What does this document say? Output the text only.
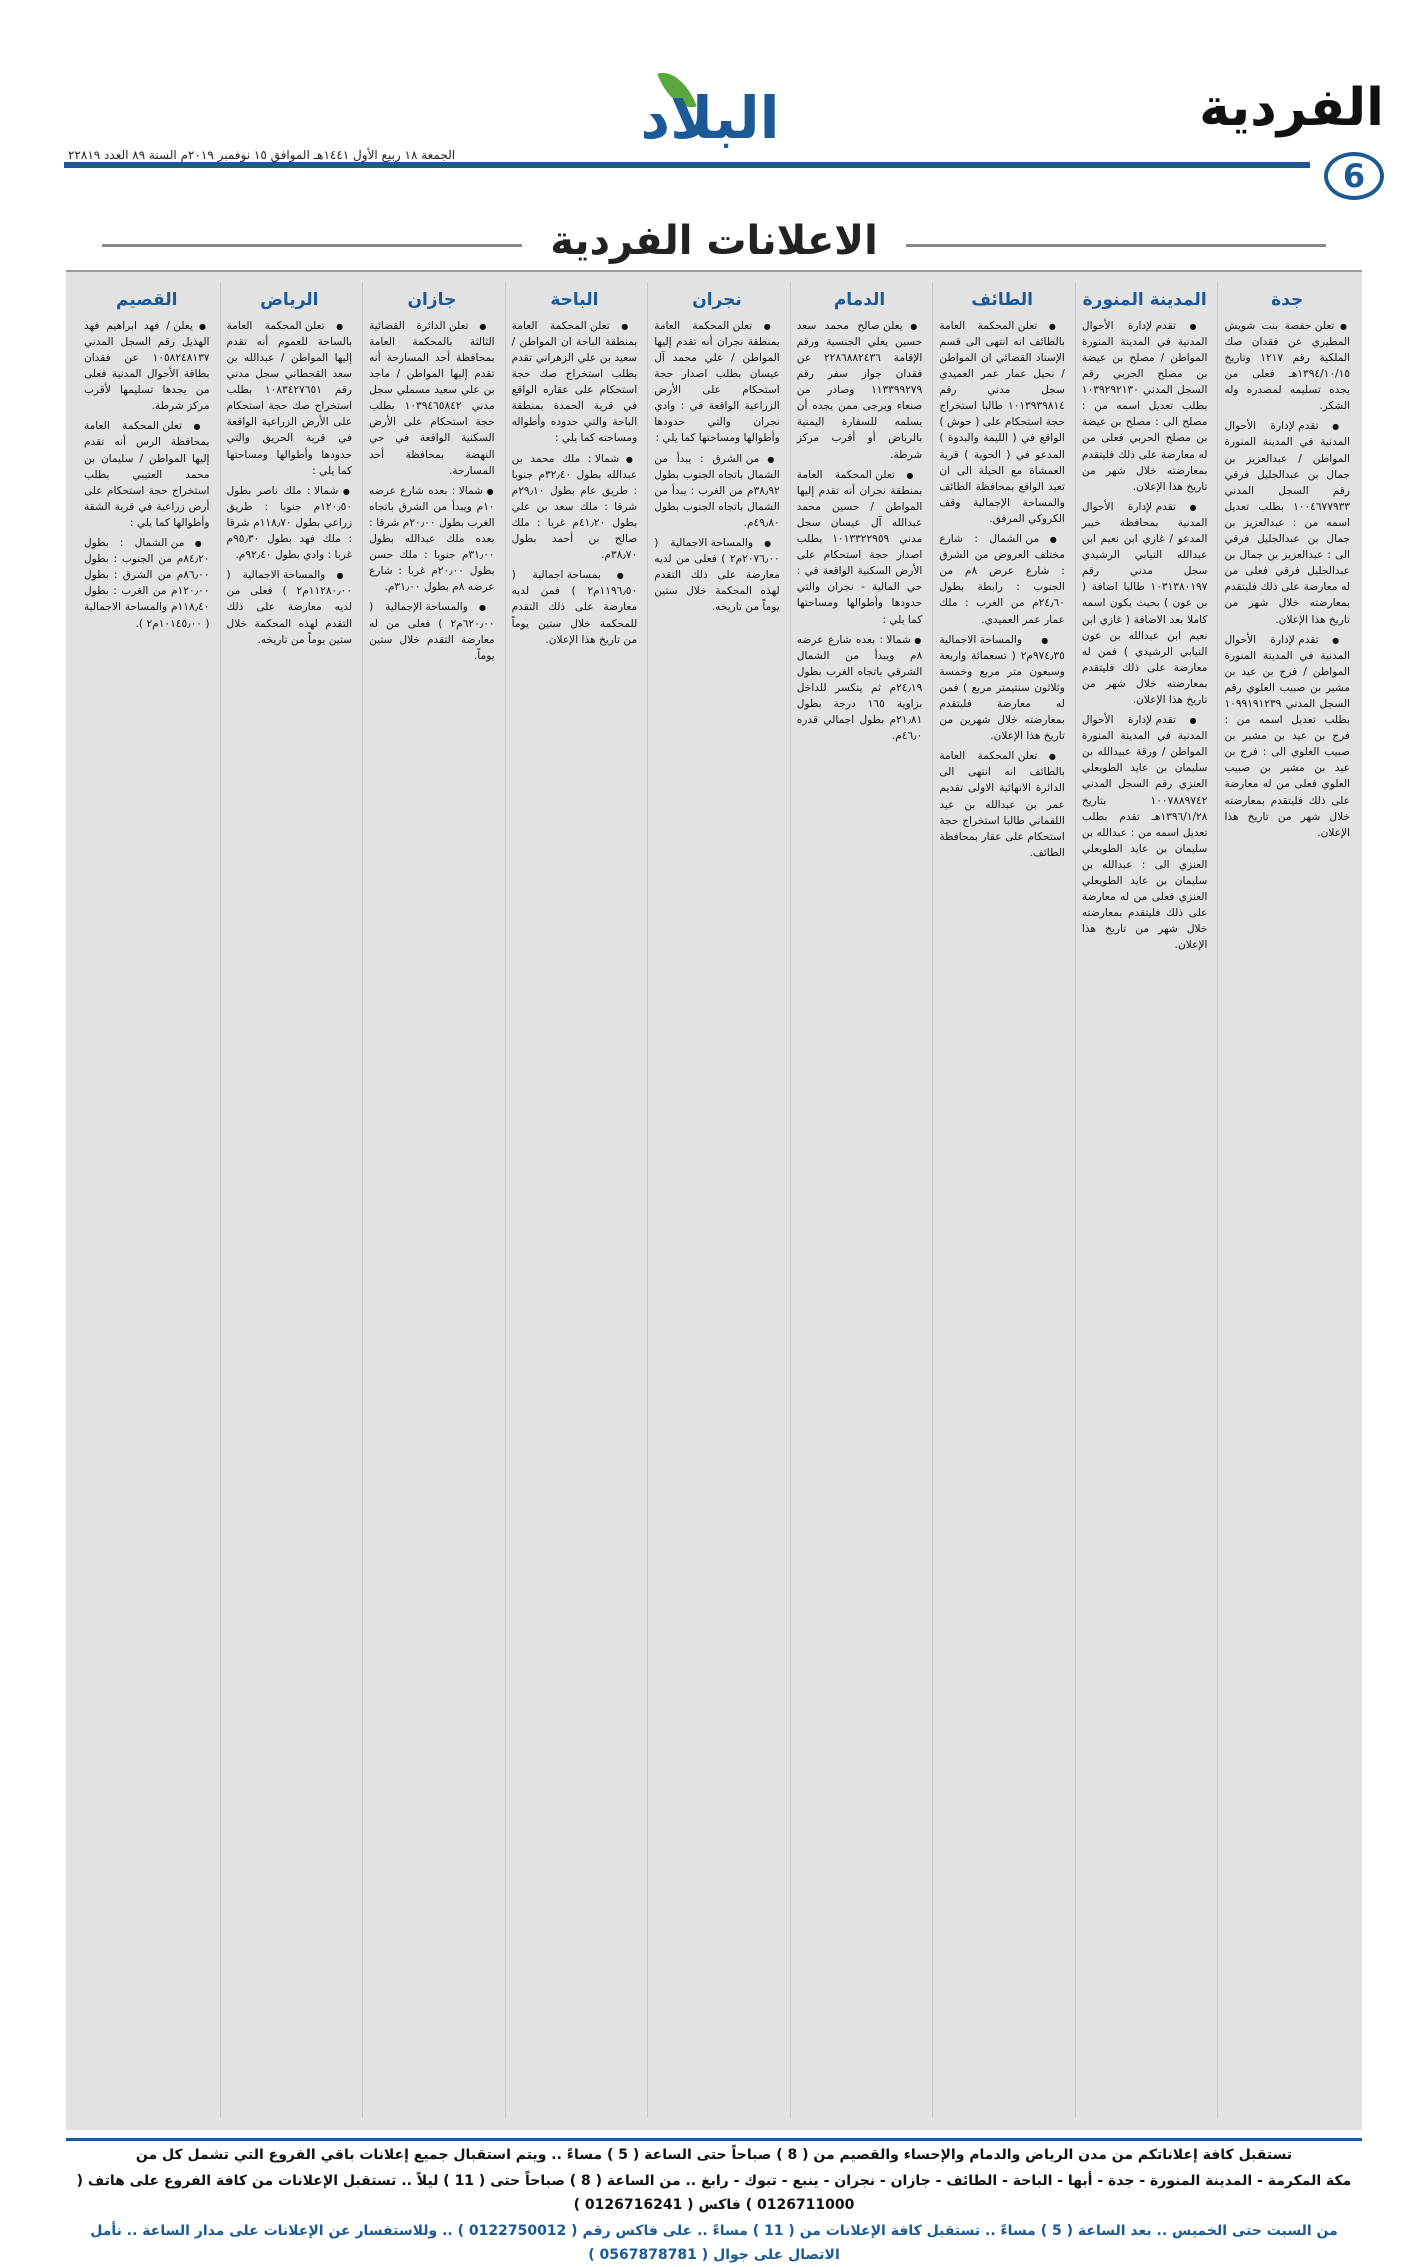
الفردية
6
البلاد
الجمعة ١٨ ربيع الأول ١٤٤١هـ الموافق ١٥ نوفمبر ٢٠١٩م السنة ٨٩ العدد ٢٢٨١٩
الاعلانات الفردية
جدة

● تعلن حفصة بنت شويش المطيري عن فقدان صك الملكية رقم ١٢١٧ وتاريخ ١٣٩٤/١٠/١٥هـ فعلى من يجده تسليمه لمصدره وله الشكر.

● تقدم لإدارة الأحوال المدنية في المدينة المنورة المواطن / عبدالعزيز بن جمال بن عبدالجليل فرقي رقم السجل المدني ١٠٠٤٦٧٧٩٣٣ بطلب تعديل اسمه من : عبدالعزيز بن جمال بن عبدالجليل فرقي الى : عبدالعزيز بن جمال بن عبدالجليل فرقي فعلى من له معارضة على ذلك فليتقدم بمعارضته خلال شهر من تاريخ هذا الإعلان.

● تقدم لإدارة الأحوال المدنية في المدينة المنورة المواطن / فرج بن عيد بن مشير بن صبيب العلوي رقم السجل المدني ١٠٩٩١٩١٢٣٩ بطلب تعديل اسمه من : فرج بن عيد بن مشير بن صبيب العلوي الى : فرج بن عيد بن مشير بن صبيب العلوي فعلى من له معارضة على ذلك فليتقدم بمعارضته خلال شهر من تاريخ هذا الإعلان.

المدينة المنورة

● تقدم لإدارة الأحوال المدنية في المدينة المنورة المواطن / مصلح بن عيضة بن مصلح الحربي رقم السجل المدني ١٠٣٩٢٩٢١٣٠ بطلب تعديل اسمه من : مصلح الى : مصلح بن عيضة بن مصلح الحربي فعلى من له معارضة على ذلك فليتقدم بمعارضته خلال شهر من تاريخ هذا الإعلان.

● تقدم لإدارة الأحوال المدنية بمحافظة خيبر المدعو / غازي ابن نعيم ابن عبدالله النيابي الرشيدي سجل مدني رقم ١٠٣١٣٨٠١٩٧ طالبا اضافة ( بن عون ) بحيث يكون اسمه كاملا بعد الاضافة ( غازي ابن نعيم ابن عبدالله بن عون النيابي الرشيدي ) فمن له معارضة على ذلك فليتقدم بمعارضته خلال شهر من تاريخ هذا الإعلان.

● تقدم لإدارة الأحوال المدنية في المدينة المنورة المواطن / ورقة عبيدالله بن سليمان بن عايد الطويعلي العنزي رقم السجل المدني ١٠٠٧٨٨٩٧٤٢ بتاريخ ١٣٩٦/١/٢٨هـ تقدم بطلب تعديل اسمه من : عبدالله بن سليمان بن عايد الطويعلي العنزي الى : عبدالله بن سليمان بن عايد الطويعلي العنزي فعلى من له معارضة على ذلك فليتقدم بمعارضته خلال شهر من تاريخ هذا الإعلان.

الطائف

● تعلن المحكمة العامة بالطائف انه انتهى الى قسم الإسناد القضائي ان المواطن / نحيل عمار عمر العميدي سجل مدني رقم ١٠١٣٩٣٩٨١٤ طالبا استخراج حجة استحكام على ( حوش ) الواقع في ( الليمة والبدوة ) المدعو في ( الحوية ) قرية العمشاة مع الحيلة الى ان تعيد الواقع بمحافظة الطائف والمساحة الإجمالية وقف الكروكي المرفق.

● من الشمال : شارع مختلف العروض من الشرق : شارع عرض ٨م من الجنوب : رابطة بطول ٢٤٫٦٠م من الغرب : ملك عمار عمر العميدي.

● والمساحة الاجمالية ٩٧٤٫٣٥م٢ ( تسعمائة واربعة وسبعون متر مربع وخمسة وثلاثون سنتيمتر مربع ) فمن له معارضة فليتقدم بمعارضته خلال شهرين من تاريخ هذا الإعلان.

● تعلن المحكمة العامة بالطائف انه انتهى الى الدائرة الانهائية الاولى تقديم عمر بن عبدالله بن عيد اللقماني طالبا استخراج حجة استحكام على عقار بمحافظة الطائف.

الدمام

● يعلن صالح محمد سعد حسين يعلي الجنسية ورقم الإقامة ٢٢٨٦٨٨٢٤٣٦ عن فقدان جواز سفر رقم ١١٣٣٩٩٢٧٩ وصادر من صنعاء ويرجى ممن يجده أن يسلمه للسفارة اليمنية بالرياض أو أقرب مركز شرطة.

● تعلن المحكمة العامة بمنطقة نجران أنه تقدم إليها المواطن / حسين محمد عبدالله آل عيسان سجل مدني ١٠١٣٣٢٢٩٥٩ بطلب اصدار حجة استحكام على الأرض السكنية الواقعة في : حي المالية - نجران والتي حدودها وأطوالها ومساحتها كما يلي :

● شمالا : بعده شارع عرضه ٨م ويبدأ من الشمال الشرقي باتجاه الغرب بطول ٢٤٫١٩م ثم ينكسر للداخل بزاوية ١٦٥ درجة بطول ٢١٫٨١م بطول اجمالي قدره ٤٦٫٠م.

نجران

● تعلن المحكمة العامة بمنطقة نجران أنه تقدم إليها المواطن / علي محمد آل عيسان بطلب اصدار حجة استحكام على الأرض الزراعية الواقعة في : وادي نجران والتي حدودها وأطوالها ومساحتها كما يلي :

● من الشرق : يبدأ من الشمال باتجاه الجنوب بطول ٣٨٫٩٢م من الغرب : يبدأ من الشمال باتجاه الجنوب بطول ٤٩٫٨٠م.

● والمساحة الاجمالية ( ٢٠٧٦٫٠٠م٢ ) فعلى من لديه معارضة على ذلك التقدم لهذه المحكمة خلال ستين يوماً من تاريخه.

الباحة

● تعلن المحكمة العامة بمنطقة الباحة ان المواطن / سعيد بن علي الزهراني تقدم بطلب استخراج صك حجة استحكام على عقاره الواقع في قرية الحمدة بمنطقة الباحة والتي حدوده وأطواله ومساحته كما يلي :

● شمالا : ملك محمد بن عبدالله بطول ٣٢٫٤٠م جنوبا : طريق عام بطول ٢٩٫١٠م شرقا : ملك سعد بن علي بطول ٤١٫٢٠م غربا : ملك صالح بن أحمد بطول ٣٨٫٧٠م.

● بمساحة اجمالية ( ١١٩٦٫٥٠م٢ ) فمن لديه معارضة على ذلك التقدم للمحكمة خلال ستين يوماً من تاريخ هذا الإعلان.

جازان

● تعلن الدائرة القضائية الثالثة بالمحكمة العامة بمحافظة أحد المسارحة أنه تقدم إليها المواطن / ماجد بن علي سعيد مسملي سجل مدني ١٠٣٩٤٦٥٨٤٢ بطلب حجة استحكام على الأرض السكنية الواقعة في حي النهضة بمحافظة أحد المسارحة.

● شمالا : بعده شارع عرضه ١٠م ويبدأ من الشرق باتجاه الغرب بطول ٢٠٫٠٠م شرقا : بعده ملك عبدالله بطول ٣١٫٠٠م جنوبا : ملك حسن بطول ٢٠٫٠٠م غربا : شارع عرضه ٨م بطول ٣١٫٠٠م.

● والمساحة الإجمالية ( ٦٢٠٫٠٠م٢ ) فعلى من له معارضة التقدم خلال ستين يوماً.

الرياض

● تعلن المحكمة العامة بالساحة للعموم أنه تقدم إليها المواطن / عبدالله بن سعد القحطاني سجل مدني رقم ١٠٨٣٤٢٧٦٥١ بطلب استخراج صك حجة استحكام على الأرض الزراعية الواقعة في قرية الحريق والتي حدودها وأطوالها ومساحتها كما يلي :

● شمالا : ملك ناصر بطول ١٢٠٫٥٠م جنوبا : طريق زراعي بطول ١١٨٫٧٠م شرقا : ملك فهد بطول ٩٥٫٣٠م غربا : وادي بطول ٩٢٫٤٠م.

● والمساحة الاجمالية ( ١١٢٨٠٫٠٠م٢ ) فعلى من لديه معارضة على ذلك التقدم لهذه المحكمة خلال ستين يوماً من تاريخه.

القصيم

● يعلن / فهد ابراهيم فهد الهذيل رقم السجل المدني ١٠٥٨٢٤٨١٣٧ عن فقدان بطاقة الأحوال المدنية فعلى من يجدها تسليمها لأقرب مركز شرطة.

● تعلن المحكمة العامة بمحافظة الرس أنه تقدم إليها المواطن / سليمان بن محمد العتيبي بطلب استخراج حجة استحكام على أرض زراعية في قرية الشقة وأطوالها كما يلي :

● من الشمال : بطول ٨٤٫٢٠م من الجنوب : بطول ٨٦٫٠٠م من الشرق : بطول ١٢٠٫٠٠م من الغرب : بطول ١١٨٫٤٠م والمساحة الاجمالية ( ١٠١٤٥٫٠٠م٢ ).

تستقبل كافة إعلاناتكم من مدن الرياض والدمام والإحساء والقصيم من ( 8 ) صباحاً حتى الساعة ( 5 ) مساءً .. ويتم استقبال جميع إعلانات باقي الفروع التي تشمل كل من

مكة المكرمة - المدينة المنورة - جدة - أبها - الباحة - الطائف - جازان - نجران - ينبع - تبوك - رابغ .. من الساعة ( 8 ) صباحاً حتى ( 11 ) ليلاً .. تستقبل الإعلانات من كافة الفروع على هاتف ( 0126711000 ) فاكس ( 0126716241 )

من السبت حتى الخميس .. بعد الساعة ( 5 ) مساءً .. تستقبل كافة الإعلانات من ( 11 ) مساءً .. على فاكس رقم ( 0122750012 ) .. وللاستفسار عن الإعلانات على مدار الساعة .. نأمل الاتصال على جوال ( 0567878781 )
